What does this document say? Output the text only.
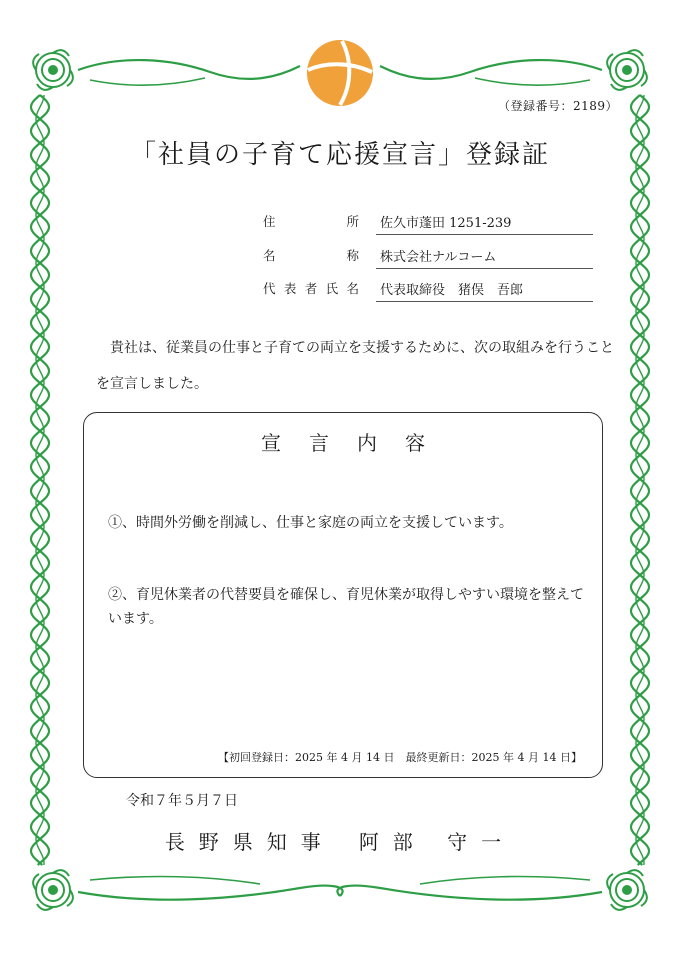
（登録番号：2189）
「社員の子育て応援宣言」登録証
住	所	佐久市蓬田 1251-239
名	称	株式会社ナルコーム
代 表 者 氏 名	代表取締役　猪俣　吾郎
　貴社は、従業員の仕事と子育ての両立を支援するために、次の取組みを行うことを宣言しました。
宣言内容
①、時間外労働を削減し、仕事と家庭の両立を支援しています。
②、育児休業者の代替要員を確保し、育児休業が取得しやすい環境を整えています。
【初回登録日：2025 年 4 月 14 日　最終更新日：2025 年 4 月 14 日】
令和７年５月７日
長野県知事 阿部 守一
